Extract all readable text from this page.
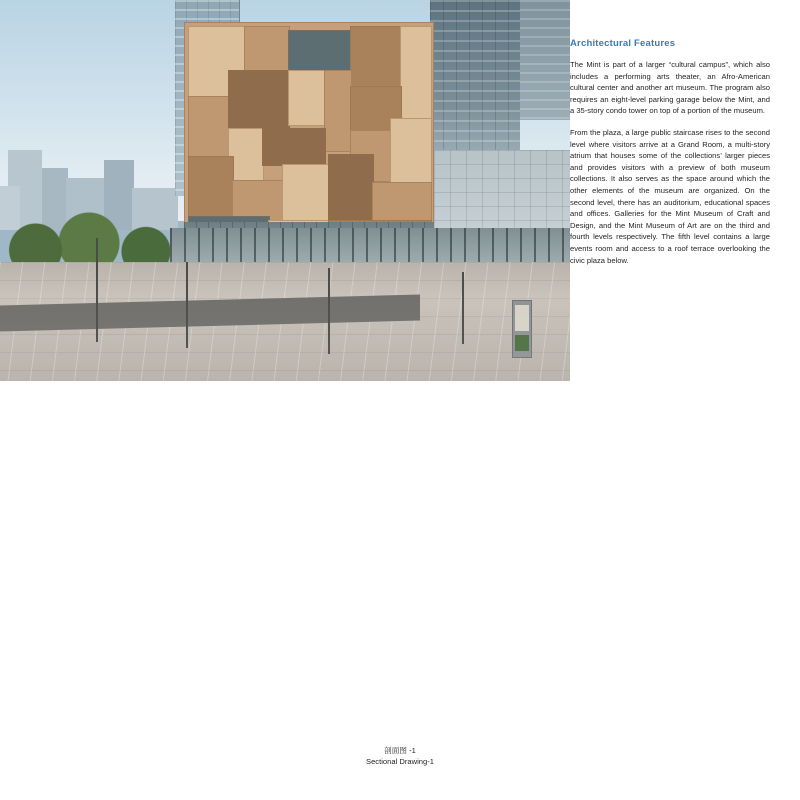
Architectural Features

The Mint is part of a larger “cultural campus”, which also includes a performing arts theater, an Afro-American cultural center and another art museum. The program also requires an eight-level parking garage below the Mint, and a 35-story condo tower on top of a portion of the museum.

From the plaza, a large public staircase rises to the second level where visitors arrive at a Grand Room, a multi-story atrium that houses some of the collections’ larger pieces and provides visitors with a preview of both museum collections. It also serves as the space around which the other elements of the museum are organized. On the second level, there has an auditorium, educational spaces and offices. Galleries for the Mint Museum of Craft and Design, and the Mint Museum of Art are on the third and fourth levels respectively. The fifth level contains a large events room and access to a roof terrace overlooking the civic plaza below.

剖面图 -1

Sectional Drawing-1
